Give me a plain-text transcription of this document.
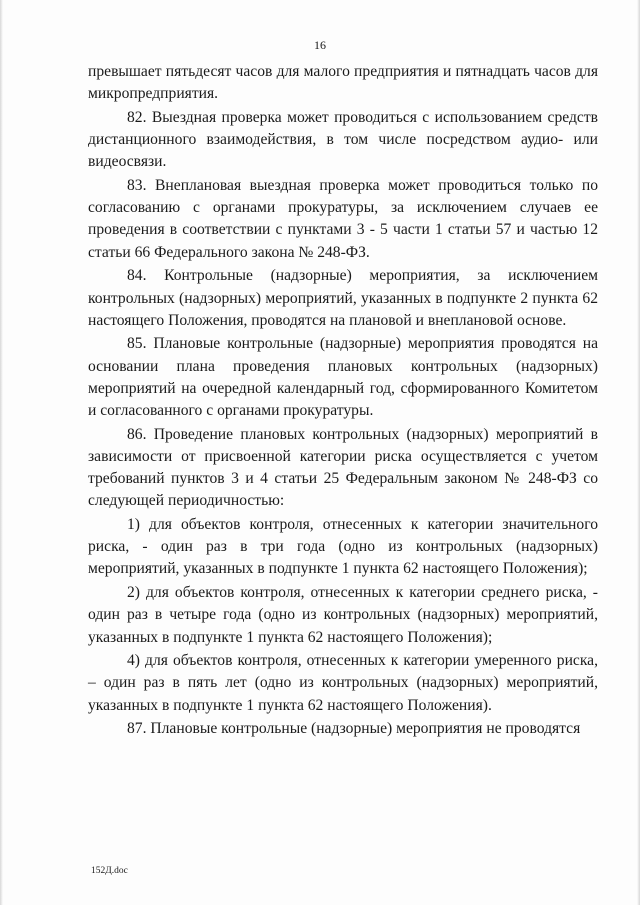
16

превышает пятьдесят часов для малого предприятия и пятнадцать часов для микропредприятия.

82. Выездная проверка может проводиться с использованием средств дистанционного взаимодействия, в том числе посредством аудио- или видеосвязи.

83. Внеплановая выездная проверка может проводиться только по согласованию с органами прокуратуры, за исключением случаев ее проведения в соответствии с пунктами 3 - 5 части 1 статьи 57 и частью 12 статьи 66 Федерального закона № 248-ФЗ.

84. Контрольные (надзорные) мероприятия, за исключением контрольных (надзорных) мероприятий, указанных в подпункте 2 пункта 62 настоящего Положения, проводятся на плановой и внеплановой основе.

85. Плановые контрольные (надзорные) мероприятия проводятся на основании плана проведения плановых контрольных (надзорных) мероприятий на очередной календарный год, сформированного Комитетом и согласованного с органами прокуратуры.

86. Проведение плановых контрольных (надзорных) мероприятий в зависимости от присвоенной категории риска осуществляется с учетом требований пунктов 3 и 4 статьи 25 Федеральным законом № 248-ФЗ со следующей периодичностью:

1) для объектов контроля, отнесенных к категории значительного риска, - один раз в три года (одно из контрольных (надзорных) мероприятий, указанных в подпункте 1 пункта 62 настоящего Положения);

2) для объектов контроля, отнесенных к категории среднего риска, - один раз в четыре года (одно из контрольных (надзорных) мероприятий, указанных в подпункте 1 пункта 62 настоящего Положения);

4) для объектов контроля, отнесенных к категории умеренного риска, – один раз в пять лет (одно из контрольных (надзорных) мероприятий, указанных в подпункте 1 пункта 62 настоящего Положения).

87. Плановые контрольные (надзорные) мероприятия не проводятся

152Д.doc
